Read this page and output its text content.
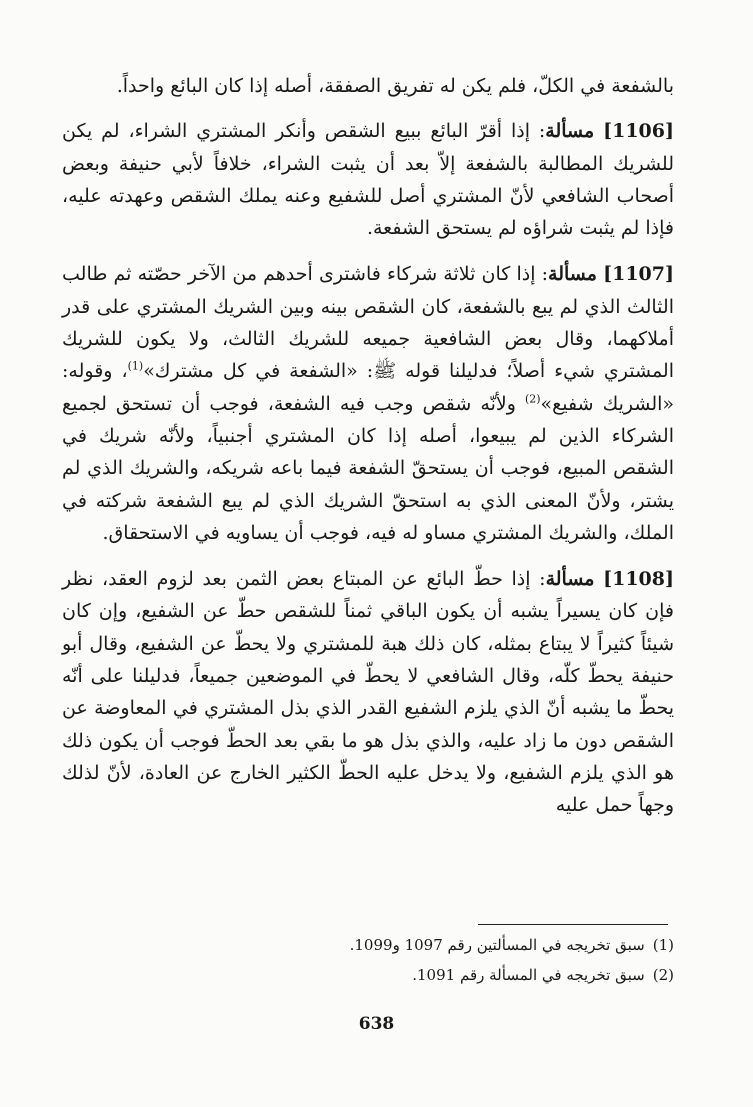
بالشفعة في الكلّ، فلم يكن له تفريق الصفقة، أصله إذا كان البائع واحداً.

[1106] مسألة: إذا أقرّ البائع ببيع الشقص وأنكر المشتري الشراء، لم يكن للشريك المطالبة بالشفعة إلاّ بعد أن يثبت الشراء، خلافاً لأبي حنيفة وبعض أصحاب الشافعي لأنّ المشتري أصل للشفيع وعنه يملك الشقص وعهدته عليه، فإذا لم يثبت شراؤه لم يستحق الشفعة.

[1107] مسألة: إذا كان ثلاثة شركاء فاشترى أحدهم من الآخر حصّته ثم طالب الثالث الذي لم يبع بالشفعة، كان الشقص بينه وبين الشريك المشتري على قدر أملاكهما، وقال بعض الشافعية جميعه للشريك الثالث، ولا يكون للشريك المشتري شيء أصلاً؛ فدليلنا قوله ﷺ: «الشفعة في كل مشترك»$^{(1)}$، وقوله: «الشريك شفيع»$^{(2)}$ ولأنّه شقص وجب فيه الشفعة، فوجب أن تستحق لجميع الشركاء الذين لم يبيعوا، أصله إذا كان المشتري أجنبياً، ولأنّه شريك في الشقص المبيع، فوجب أن يستحقّ الشفعة فيما باعه شريكه، والشريك الذي لم يشتر، ولأنّ المعنى الذي به استحقّ الشريك الذي لم يبع الشفعة شركته في الملك، والشريك المشتري مساو له فيه، فوجب أن يساويه في الاستحقاق.

[1108] مسألة: إذا حطّ البائع عن المبتاع بعض الثمن بعد لزوم العقد، نظر فإن كان يسيراً يشبه أن يكون الباقي ثمناً للشقص حطّ عن الشفيع، وإن كان شيئاً كثيراً لا يبتاع بمثله، كان ذلك هبة للمشتري ولا يحطّ عن الشفيع، وقال أبو حنيفة يحطّ كلّه، وقال الشافعي لا يحطّ في الموضعين جميعاً، فدليلنا على أنّه يحطّ ما يشبه أنّ الذي يلزم الشفيع القدر الذي بذل المشتري في المعاوضة عن الشقص دون ما زاد عليه، والذي بذل هو ما بقي بعد الحطّ فوجب أن يكون ذلك هو الذي يلزم الشفيع، ولا يدخل عليه الحطّ الكثير الخارج عن العادة، لأنّ لذلك وجهاً حمل عليه

(1)سبق تخريجه في المسألتين رقم 1097 و1099.

(2)سبق تخريجه في المسألة رقم 1091.

638
